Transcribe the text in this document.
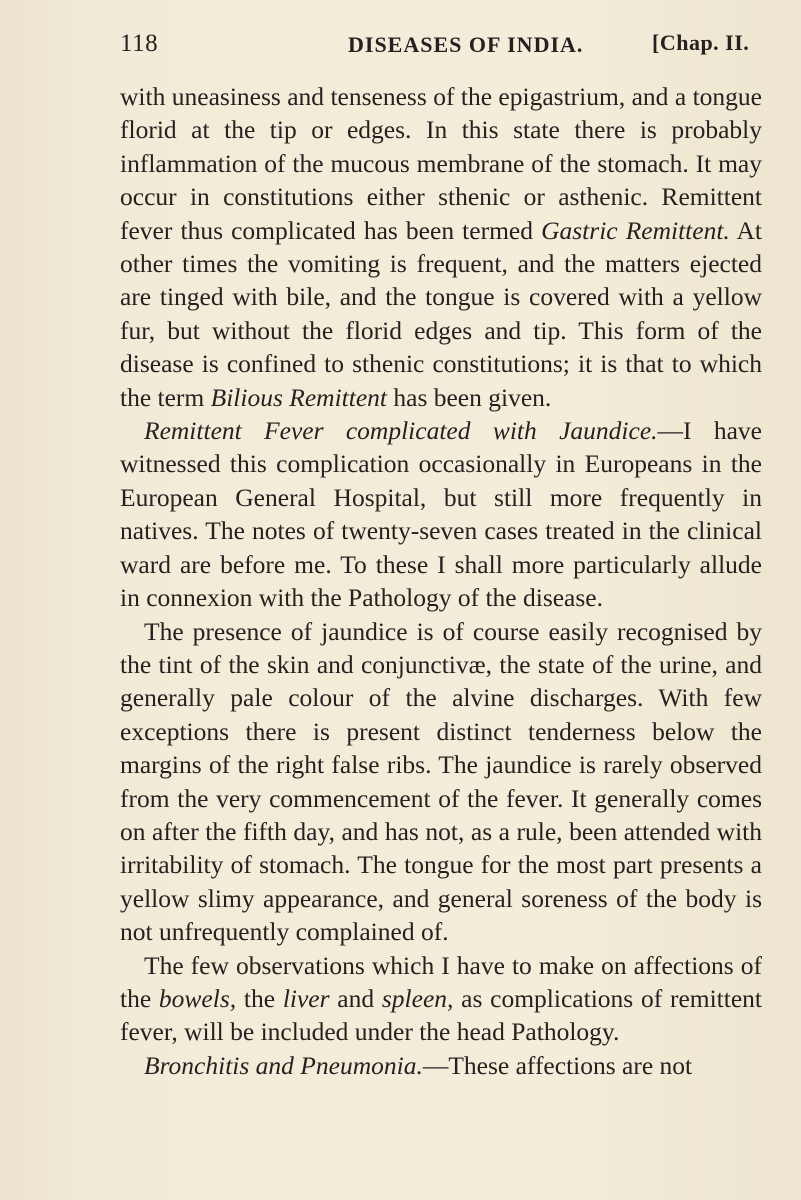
118	DISEASES OF INDIA.	[Chap. II.

with uneasiness and tenseness of the epigastrium, and a tongue florid at the tip or edges. In this state there is probably inflammation of the mucous membrane of the stomach. It may occur in constitutions either sthenic or asthenic. Remittent fever thus complicated has been termed Gastric Remittent. At other times the vomiting is frequent, and the matters ejected are tinged with bile, and the tongue is covered with a yellow fur, but without the florid edges and tip. This form of the disease is confined to sthenic constitutions; it is that to which the term Bilious Remittent has been given.

Remittent Fever complicated with Jaundice.—I have witnessed this complication occasionally in Europeans in the European General Hospital, but still more frequently in natives. The notes of twenty-seven cases treated in the clinical ward are before me. To these I shall more particularly allude in connexion with the Pathology of the disease.

The presence of jaundice is of course easily recognised by the tint of the skin and conjunctivæ, the state of the urine, and generally pale colour of the alvine discharges. With few exceptions there is present distinct tenderness below the margins of the right false ribs. The jaundice is rarely observed from the very commencement of the fever. It generally comes on after the fifth day, and has not, as a rule, been attended with irritability of stomach. The tongue for the most part presents a yellow slimy appearance, and general soreness of the body is not unfrequently complained of.

The few observations which I have to make on affections of the bowels, the liver and spleen, as complications of remittent fever, will be included under the head Pathology.

Bronchitis and Pneumonia.—These affections are not
